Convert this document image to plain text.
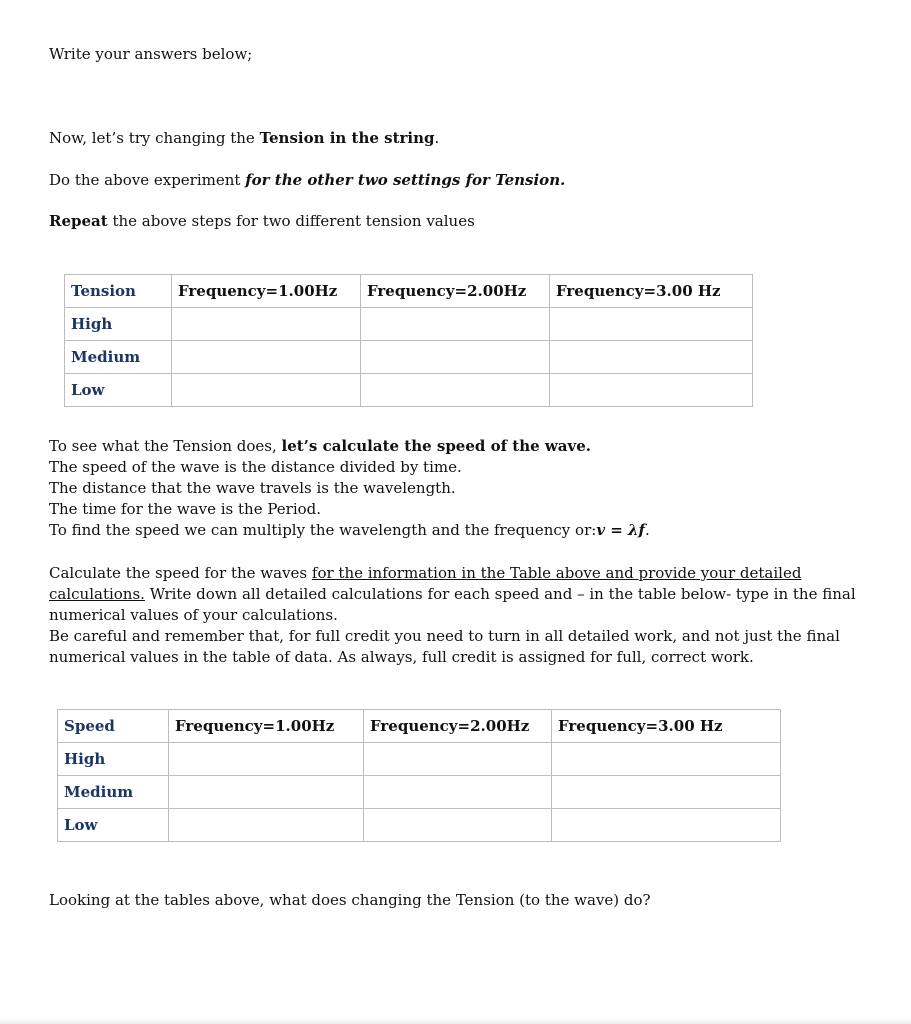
Write your answers below;

Now, let’s try changing the Tension in the string.

Do the above experiment for the other two settings for Tension.

Repeat the above steps for two different tension values

Tension	Frequency=1.00Hz	Frequency=2.00Hz	Frequency=3.00 Hz
High			
Medium			
Low			

To see what the Tension does, let’s calculate the speed of the wave.

The speed of the wave is the distance divided by time.

The distance that the wave travels is the wavelength.

The time for the wave is the Period.

To find the speed we can multiply the wavelength and the frequency or:v = λf.

Calculate the speed for the waves for the information in the Table above and provide your detailed

calculations. Write down all detailed calculations for each speed and – in the table below- type in the final

numerical values of your calculations.

Be careful and remember that, for full credit you need to turn in all detailed work, and not just the final

numerical values in the table of data. As always, full credit is assigned for full, correct work.

Speed	Frequency=1.00Hz	Frequency=2.00Hz	Frequency=3.00 Hz
High			
Medium			
Low			

Looking at the tables above, what does changing the Tension (to the wave) do?
